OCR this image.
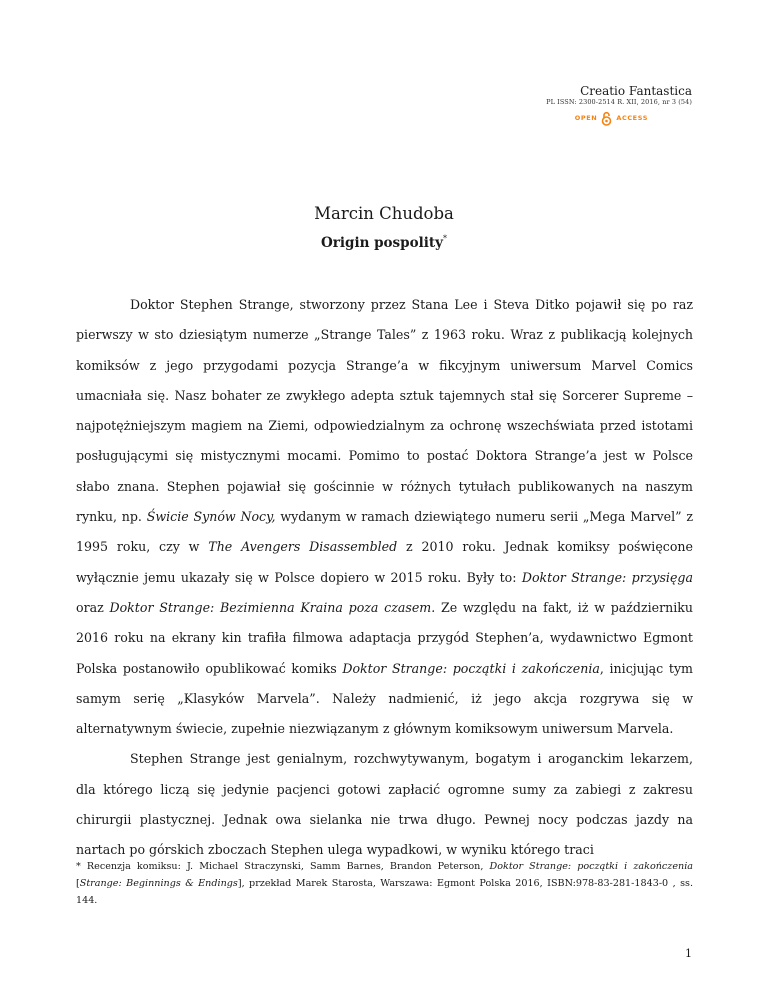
Creatio Fantastica
PL ISSN: 2300-2514 R. XII, 2016, nr 3 (54)
OPEN	ACCESS
Marcin Chudoba
Origin pospolity*

Doktor Stephen Strange, stworzony przez Stana Lee i Steva Ditko pojawił się po raz pierwszy w sto dziesiątym numerze „Strange Tales” z 1963 roku. Wraz z publikacją kolejnych komiksów z jego przygodami pozycja Strange’a w fikcyjnym uniwersum Marvel Comics umacniała się. Nasz bohater ze zwykłego adepta sztuk tajemnych stał się Sorcerer Supreme – najpotężniejszym magiem na Ziemi, odpowiedzialnym za ochronę wszechświata przed istotami posługującymi się mistycznymi mocami. Pomimo to postać Doktora Strange’a jest w Polsce słabo znana. Stephen pojawiał się gościnnie w różnych tytułach publikowanych na naszym rynku, np. Świcie Synów Nocy, wydanym w ramach dziewiątego numeru serii „Mega Marvel” z 1995 roku, czy w The Avengers Disassembled z 2010 roku. Jednak komiksy poświęcone wyłącznie jemu ukazały się w Polsce dopiero w 2015 roku. Były to: Doktor Strange: przysięga oraz Doktor Strange: Bezimienna Kraina poza czasem. Ze względu na fakt, iż w październiku 2016 roku na ekrany kin trafiła filmowa adaptacja przygód Stephen’a, wydawnictwo Egmont Polska postanowiło opublikować komiks Doktor Strange: początki i zakończenia, inicjując tym samym serię „Klasyków Marvela”. Należy nadmienić, iż jego akcja rozgrywa się w alternatywnym świecie, zupełnie niezwiązanym z głównym komiksowym uniwersum Marvela.

Stephen Strange jest genialnym, rozchwytywanym, bogatym i aroganckim lekarzem, dla którego liczą się jedynie pacjenci gotowi zapłacić ogromne sumy za zabiegi z zakresu chirurgii plastycznej. Jednak owa sielanka nie trwa długo. Pewnej nocy podczas jazdy na nartach po górskich zboczach Stephen ulega wypadkowi, w wyniku którego traci

* Recenzja komiksu: J. Michael Straczynski, Samm Barnes, Brandon Peterson, Doktor Strange: początki i zakończenia [Strange: Beginnings & Endings], przekład Marek Starosta, Warszawa: Egmont Polska 2016, ISBN:978-83-281-1843-0 , ss. 144.
1
